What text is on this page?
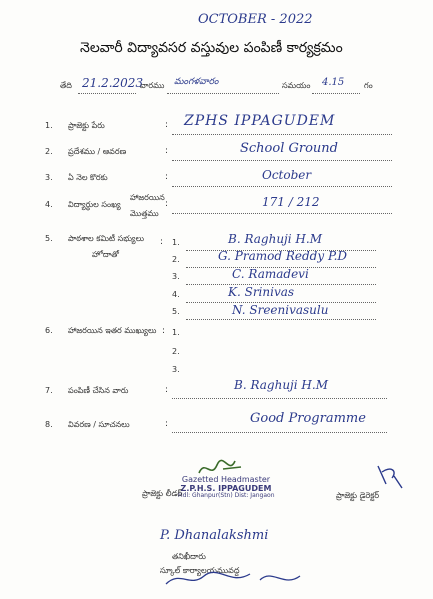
OCTOBER - 2022
నెలవారీ విద్యావసర వస్తువుల పంపిణీ కార్యక్రమం
తేది 21.2.2023
వారము మంగళవారం	సమయం 4.15 గం
1. ప్రాజెక్టు పేరు	: ZPHS IPPAGUDEM
2. ప్రదేశము / ఆవరణ	:	School Ground
3. ఏ నెల కొరకు	:	October
4. విద్యార్థుల సంఖ్య
హాజరయిన
మొత్తము
:	171 / 212
5. పాఠశాల కమిటీ సభ్యులు
హోదాతో
: 1.	B. Raghuji H.M
2.	G. Pramod Reddy P.D
3.	C. Ramadevi
4.	K. Srinivas
5.	N. Sreenivasulu
6. హాజరయిన ఇతర ముఖ్యులు : 1.
2.
3.
7. పంపిణీ చేసిన వారు	:	B. Raghuji H.M
8. వివరణ / సూచనలు	:	Good Programme
Gazetted Headmaster
Z.P.H.S. IPPAGUDEM
Mdl: Ghanpur(Stn) Dist: Jangaon
ప్రాజెక్టు లీడర్	ప్రాజెక్టు డైరెక్టర్
P. Dhanalakshmi
తనిఖీదారు
స్కూల్ కార్యాలయమువద్ద
